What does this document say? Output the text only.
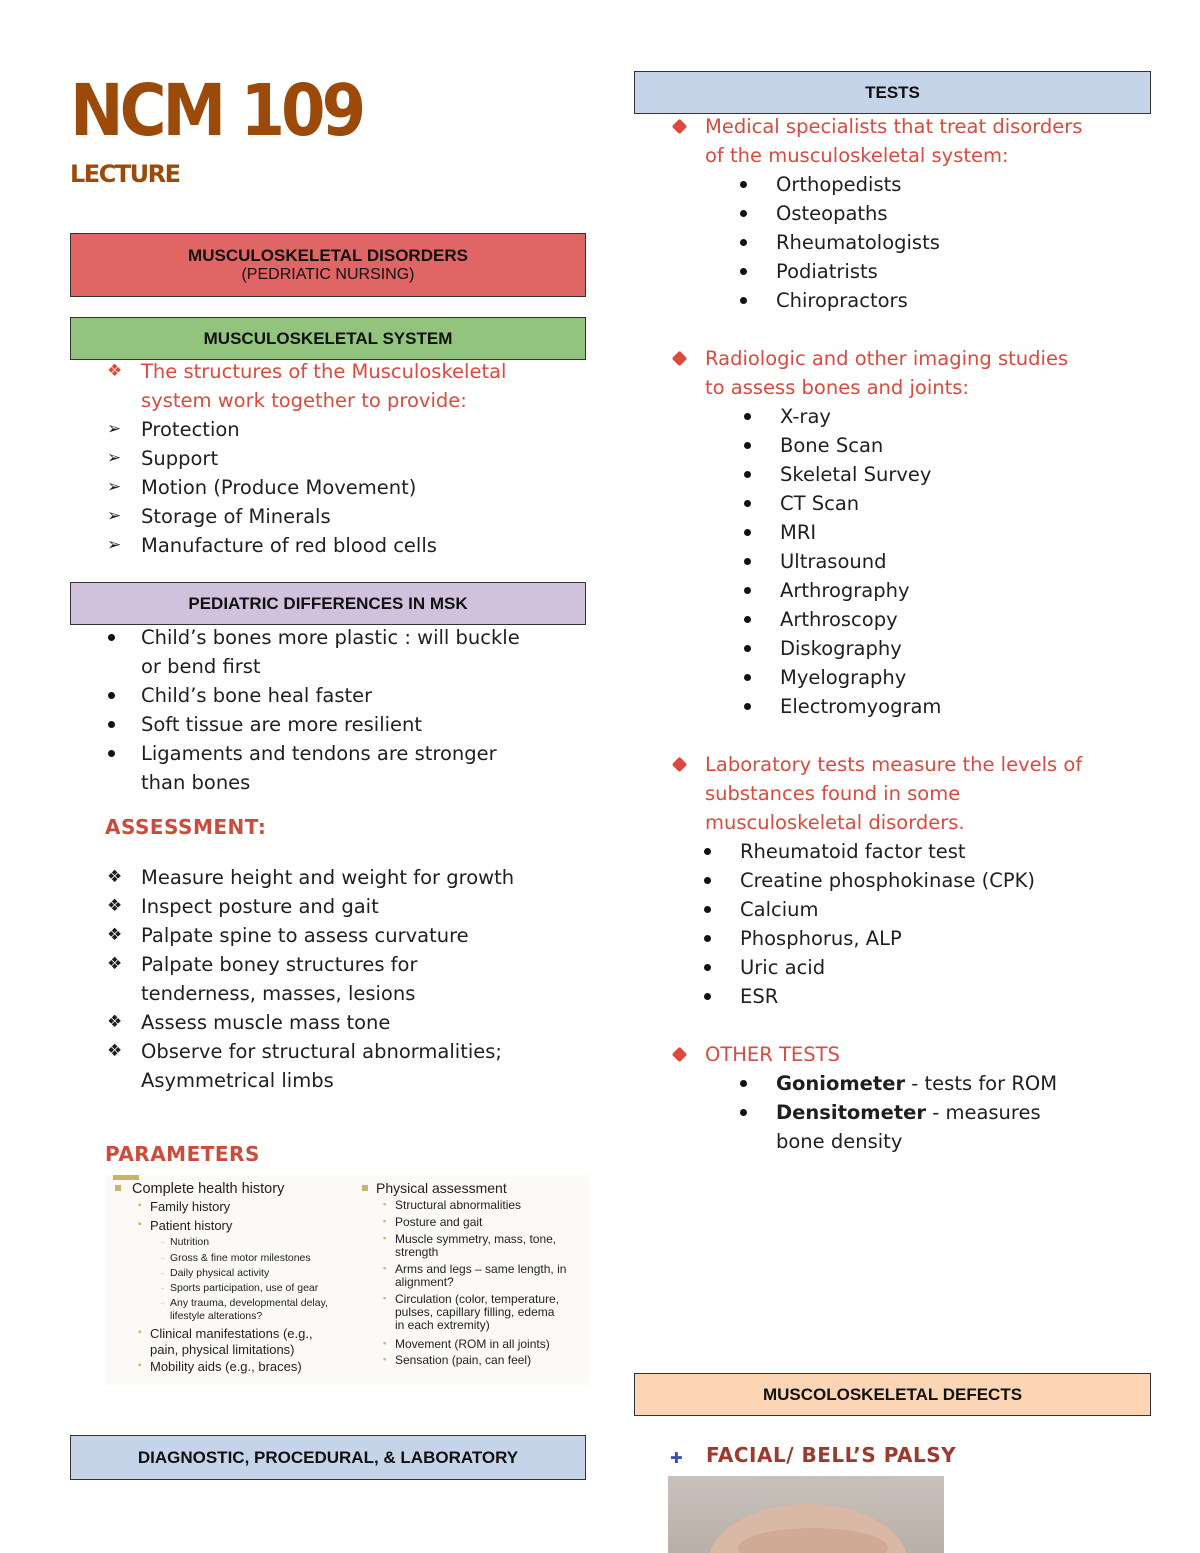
NCM 109
LECTURE
MUSCULOSKELETAL DISORDERS
(PEDRIATIC NURSING)
MUSCULOSKELETAL SYSTEM
❖ The structures of the Musculoskeletal
system work together to provide:
➢ Protection
➢ Support
➢ Motion (Produce Movement)
➢ Storage of Minerals
➢ Manufacture of red blood cells
PEDIATRIC DIFFERENCES IN MSK
Child’s bones more plastic : will buckle
or bend first
Child’s bone heal faster
Soft tissue are more resilient
Ligaments and tendons are stronger
than bones
ASSESSMENT:
❖ Measure height and weight for growth
❖ Inspect posture and gait
❖ Palpate spine to assess curvature
❖ Palpate boney structures for
tenderness, masses, lesions
❖ Assess muscle mass tone
❖ Observe for structural abnormalities;
Asymmetrical limbs
PARAMETERS
Complete health history	Physical assessment
Family history
▪
Patient history
▪
Nutrition
→
Gross & fine motor milestones
→
Daily physical activity
→
Sports participation, use of gear
→
Any trauma, developmental delay,
→
lifestyle alterations?
Clinical manifestations (e.g.,
▪
pain, physical limitations)
Mobility aids (e.g., braces)
▪
Structural abnormalities
▪
Posture and gait
▪
Muscle symmetry, mass, tone,
▪
strength
Arms and legs – same length, in
▪
alignment?
Circulation (color, temperature,
▪
pulses, capillary filling, edema
in each extremity)
Movement (ROM in all joints)
▪
Sensation (pain, can feel)
▪
DIAGNOSTIC, PROCEDURAL, & LABORATORY
TESTS
Medical specialists that treat disorders
of the musculoskeletal system:
Orthopedists
Osteopaths
Rheumatologists
Podiatrists
Chiropractors
Radiologic and other imaging studies
to assess bones and joints:
X-ray
Bone Scan
Skeletal Survey
CT Scan
MRI
Ultrasound
Arthrography
Arthroscopy
Diskography
Myelography
Electromyogram
Laboratory tests measure the levels of
substances found in some
musculoskeletal disorders.
Rheumatoid factor test
Creatine phosphokinase (CPK)
Calcium
Phosphorus, ALP
Uric acid
ESR
OTHER TESTS
Goniometer - tests for ROM
Densitometer - measures
bone density
MUSCOLOSKELETAL DEFECTS
✚ FACIAL/ BELL’S PALSY
